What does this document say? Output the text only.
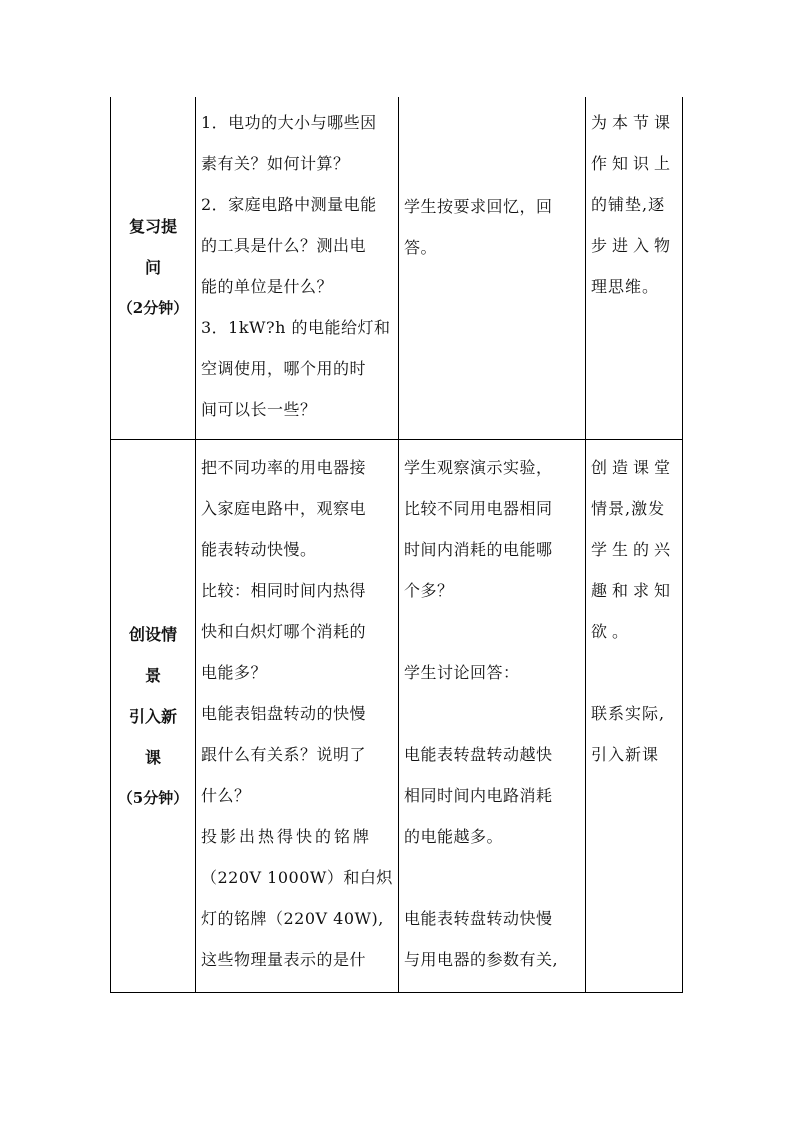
复习提
问
（2分钟）
1．电功的大小与哪些因
素有关？如何计算？
2．家庭电路中测量电能
的工具是什么？测出电
能的单位是什么？
3．1kW?h 的电能给灯和
空调使用，哪个用的时
间可以长一些？
学生按要求回忆，回
答。
为本节课
作知识上
的铺垫,逐
步进入物
理思维。
创设情
景
引入新
课
（5分钟）
把不同功率的用电器接
入家庭电路中，观察电
能表转动快慢。
比较：相同时间内热得
快和白炽灯哪个消耗的
电能多？
电能表铝盘转动的快慢
跟什么有关系？说明了
什么？
投影出热得快的铭牌
（220V 1000W）和白炽
灯的铭牌（220V 40W),
这些物理量表示的是什
学生观察演示实验，
比较不同用电器相同
时间内消耗的电能哪
个多？
学生讨论回答：
电能表转盘转动越快
相同时间内电路消耗
的电能越多。
电能表转盘转动快慢
与用电器的参数有关,
创造课堂
情景,激发
学生的兴
趣和求知
欲。
联系实际,
引入新课
